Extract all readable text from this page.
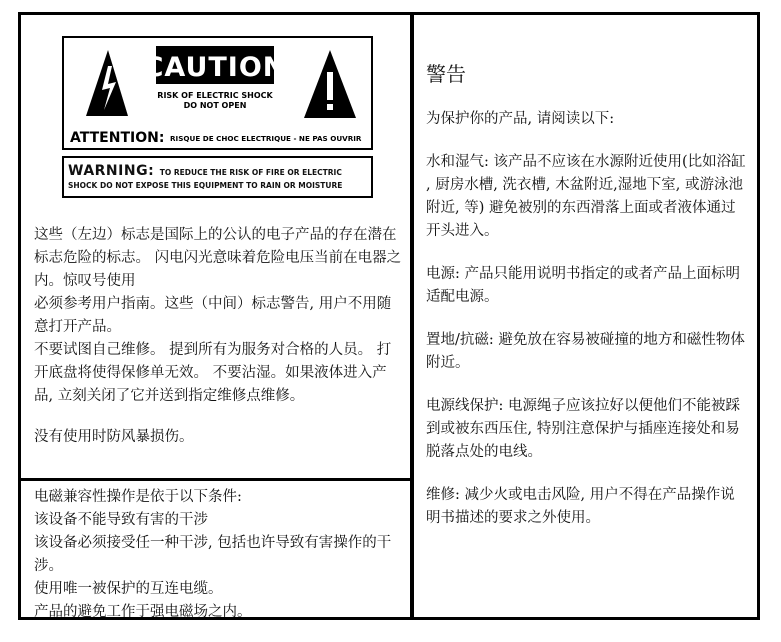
CAUTION
RISK OF ELECTRIC SHOCK
DO NOT OPEN
ATTENTION: RISQUE DE CHOC ELECTRIQUE - NE PAS OUVRIR
WARNING: TO REDUCE THE RISK OF FIRE OR ELECTRIC
SHOCK DO NOT EXPOSE THIS EQUIPMENT TO RAIN OR MOISTURE

这些（左边）标志是国际上的公认的电子产品的存在潜在标志危险的标志。 闪电闪光意味着危险电压当前在电器之内。惊叹号使用

必须参考用户指南。这些（中间）标志警告, 用户不用随意打开产品。

不要试图自己维修。 提到所有为服务对合格的人员。 打开底盘将使得保修单无效。 不要沾湿。如果液体进入产品, 立刻关闭了它并送到指定维修点维修。

没有使用时防风暴损伤。

电磁兼容性操作是依于以下条件:

该设备不能导致有害的干涉

该设备必须接受任一种干涉, 包括也许导致有害操作的干涉。

使用唯一被保护的互连电缆。

产品的避免工作于强电磁场之内。

警告

为保护你的产品, 请阅读以下:

水和湿气: 该产品不应该在水源附近使用(比如浴缸 , 厨房水槽, 洗衣槽, 木盆附近,湿地下室, 或游泳池附近, 等) 避免被别的东西滑落上面或者液体通过开头进入。

电源: 产品只能用说明书指定的或者产品上面标明适配电源。

置地/抗磁: 避免放在容易被碰撞的地方和磁性物体附近。

电源线保护: 电源绳子应该拉好以便他们不能被踩到或被东西压住, 特别注意保护与插座连接处和易脱落点处的电线。

维修: 减少火或电击风险, 用户不得在产品操作说明书描述的要求之外使用。
